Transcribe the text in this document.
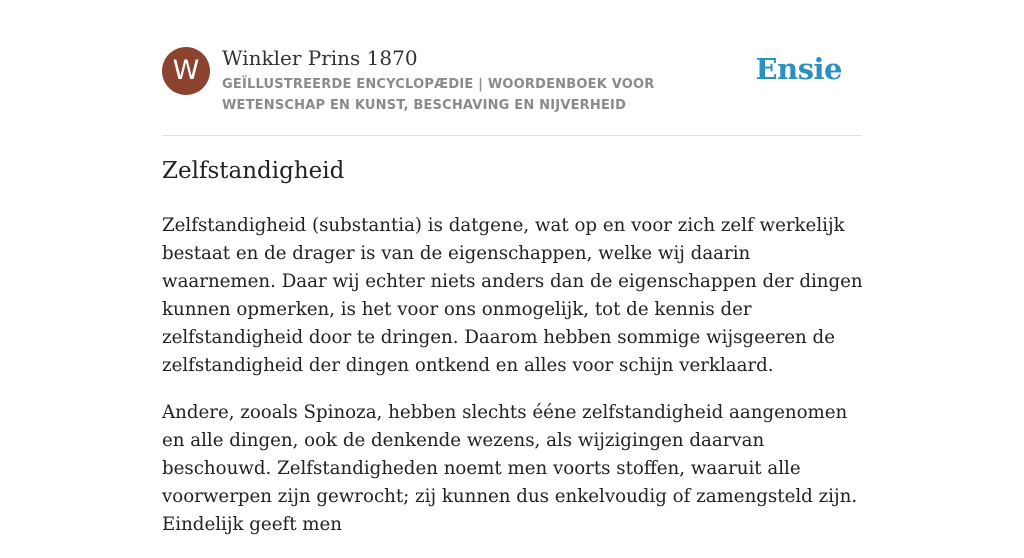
W	Winkler Prins 1870
GEÏLLUSTREERDE ENCYCLOPÆDIE | WOORDENBOEK VOOR WETENSCHAP EN KUNST, BESCHAVING EN NIJVERHEID
Ensie
Zelfstandigheid

Zelfstandigheid (substantia) is datgene, wat op en voor zich zelf werkelijk bestaat en de drager is van de eigenschappen, welke wij daarin waarnemen. Daar wij echter niets anders dan de eigenschappen der dingen kunnen opmerken, is het voor ons onmogelijk, tot de kennis der zelfstandigheid door te dringen. Daarom hebben sommige wijsgeeren de zelfstandigheid der dingen ontkend en alles voor schijn verklaard.

Andere, zooals Spinoza, hebben slechts ééne zelfstandigheid aangenomen en alle dingen, ook de denkende wezens, als wijzigingen daarvan beschouwd. Zelfstandigheden noemt men voorts stoffen, waaruit alle voorwerpen zijn gewrocht; zij kunnen dus enkelvoudig of zamengsteld zijn. Eindelijk geeft men
